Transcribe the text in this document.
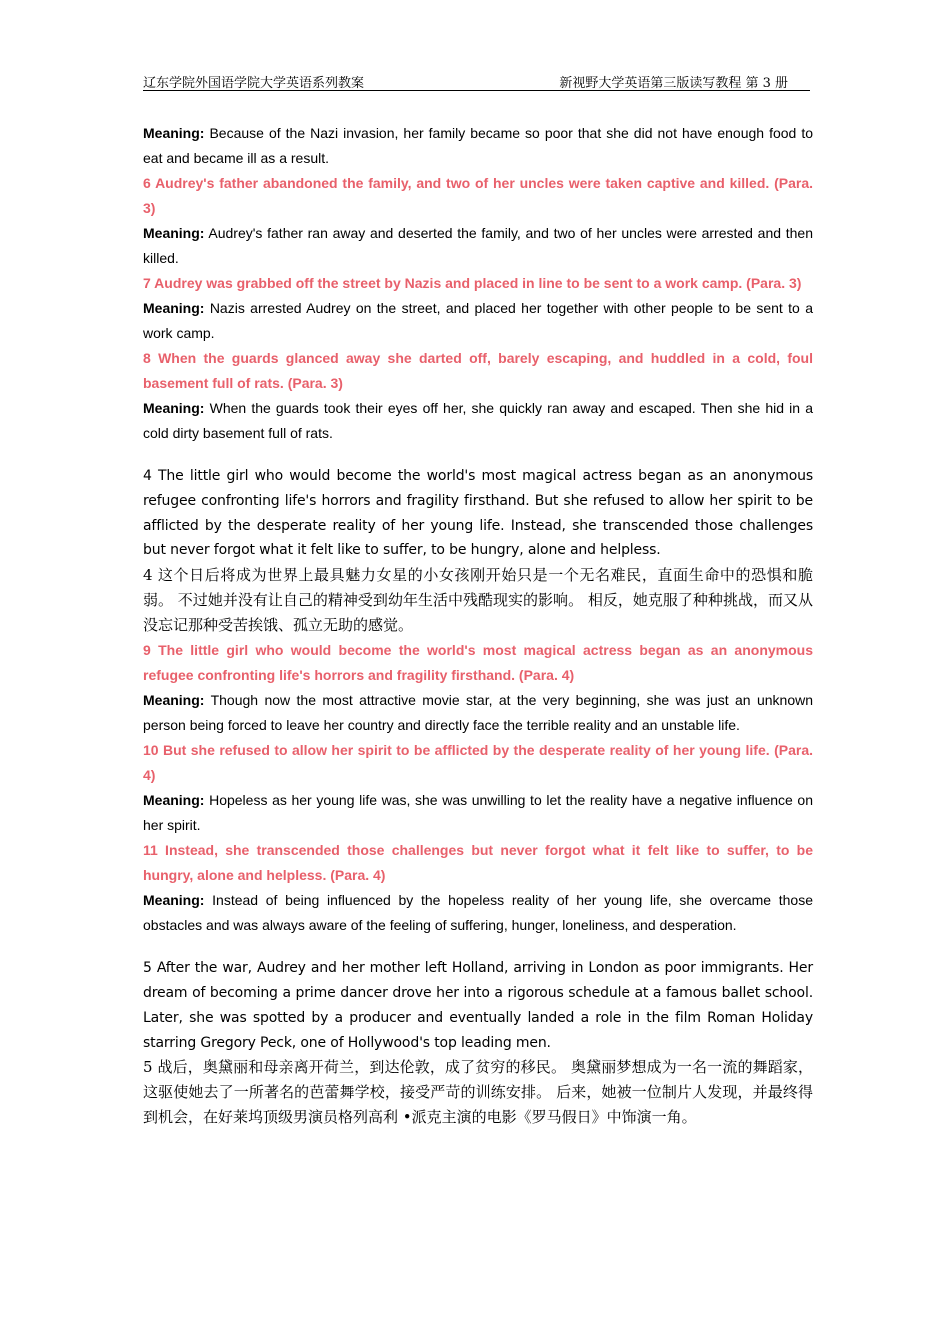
辽东学院外国语学院大学英语系列教案	新视野大学英语第三版读写教程 第 3 册

Meaning: Because of the Nazi invasion, her family became so poor that she did not have enough food to eat and became ill as a result.

6 Audrey's father abandoned the family, and two of her uncles were taken captive and killed. (Para. 3)

Meaning: Audrey's father ran away and deserted the family, and two of her uncles were arrested and then killed.

7 Audrey was grabbed off the street by Nazis and placed in line to be sent to a work camp. (Para. 3)

Meaning: Nazis arrested Audrey on the street, and placed her together with other people to be sent to a work camp.

8 When the guards glanced away she darted off, barely escaping, and huddled in a cold, foul basement full of rats. (Para. 3)

Meaning: When the guards took their eyes off her, she quickly ran away and escaped. Then she hid in a cold dirty basement full of rats.

4 The little girl who would become the world's most magical actress began as an anonymous refugee confronting life's horrors and fragility firsthand. But she refused to allow her spirit to be afflicted by the desperate reality of her young life. Instead, she transcended those challenges but never forgot what it felt like to suffer, to be hungry, alone and helpless.

4 这个日后将成为世界上最具魅力女星的小女孩刚开始只是一个无名难民，直面生命中的恐惧和脆弱。 不过她并没有让自己的精神受到幼年生活中残酷现实的影响。 相反，她克服了种种挑战，而又从没忘记那种受苦挨饿、孤立无助的感觉。

9 The little girl who would become the world's most magical actress began as an anonymous refugee confronting life's horrors and fragility firsthand. (Para. 4)

Meaning: Though now the most attractive movie star, at the very beginning, she was just an unknown person being forced to leave her country and directly face the terrible reality and an unstable life.

10 But she refused to allow her spirit to be afflicted by the desperate reality of her young life. (Para. 4)

Meaning: Hopeless as her young life was, she was unwilling to let the reality have a negative influence on her spirit.

11 Instead, she transcended those challenges but never forgot what it felt like to suffer, to be hungry, alone and helpless. (Para. 4)

Meaning: Instead of being influenced by the hopeless reality of her young life, she overcame those obstacles and was always aware of the feeling of suffering, hunger, loneliness, and desperation.

5 After the war, Audrey and her mother left Holland, arriving in London as poor immigrants. Her dream of becoming a prime dancer drove her into a rigorous schedule at a famous ballet school. Later, she was spotted by a producer and eventually landed a role in the film Roman Holiday starring Gregory Peck, one of Hollywood's top leading men.

5 战后，奥黛丽和母亲离开荷兰，到达伦敦，成了贫穷的移民。 奥黛丽梦想成为一名一流的舞蹈家，这驱使她去了一所著名的芭蕾舞学校，接受严苛的训练安排。 后来，她被一位制片人发现，并最终得到机会，在好莱坞顶级男演员格列高利 •派克主演的电影《罗马假日》中饰演一角。
